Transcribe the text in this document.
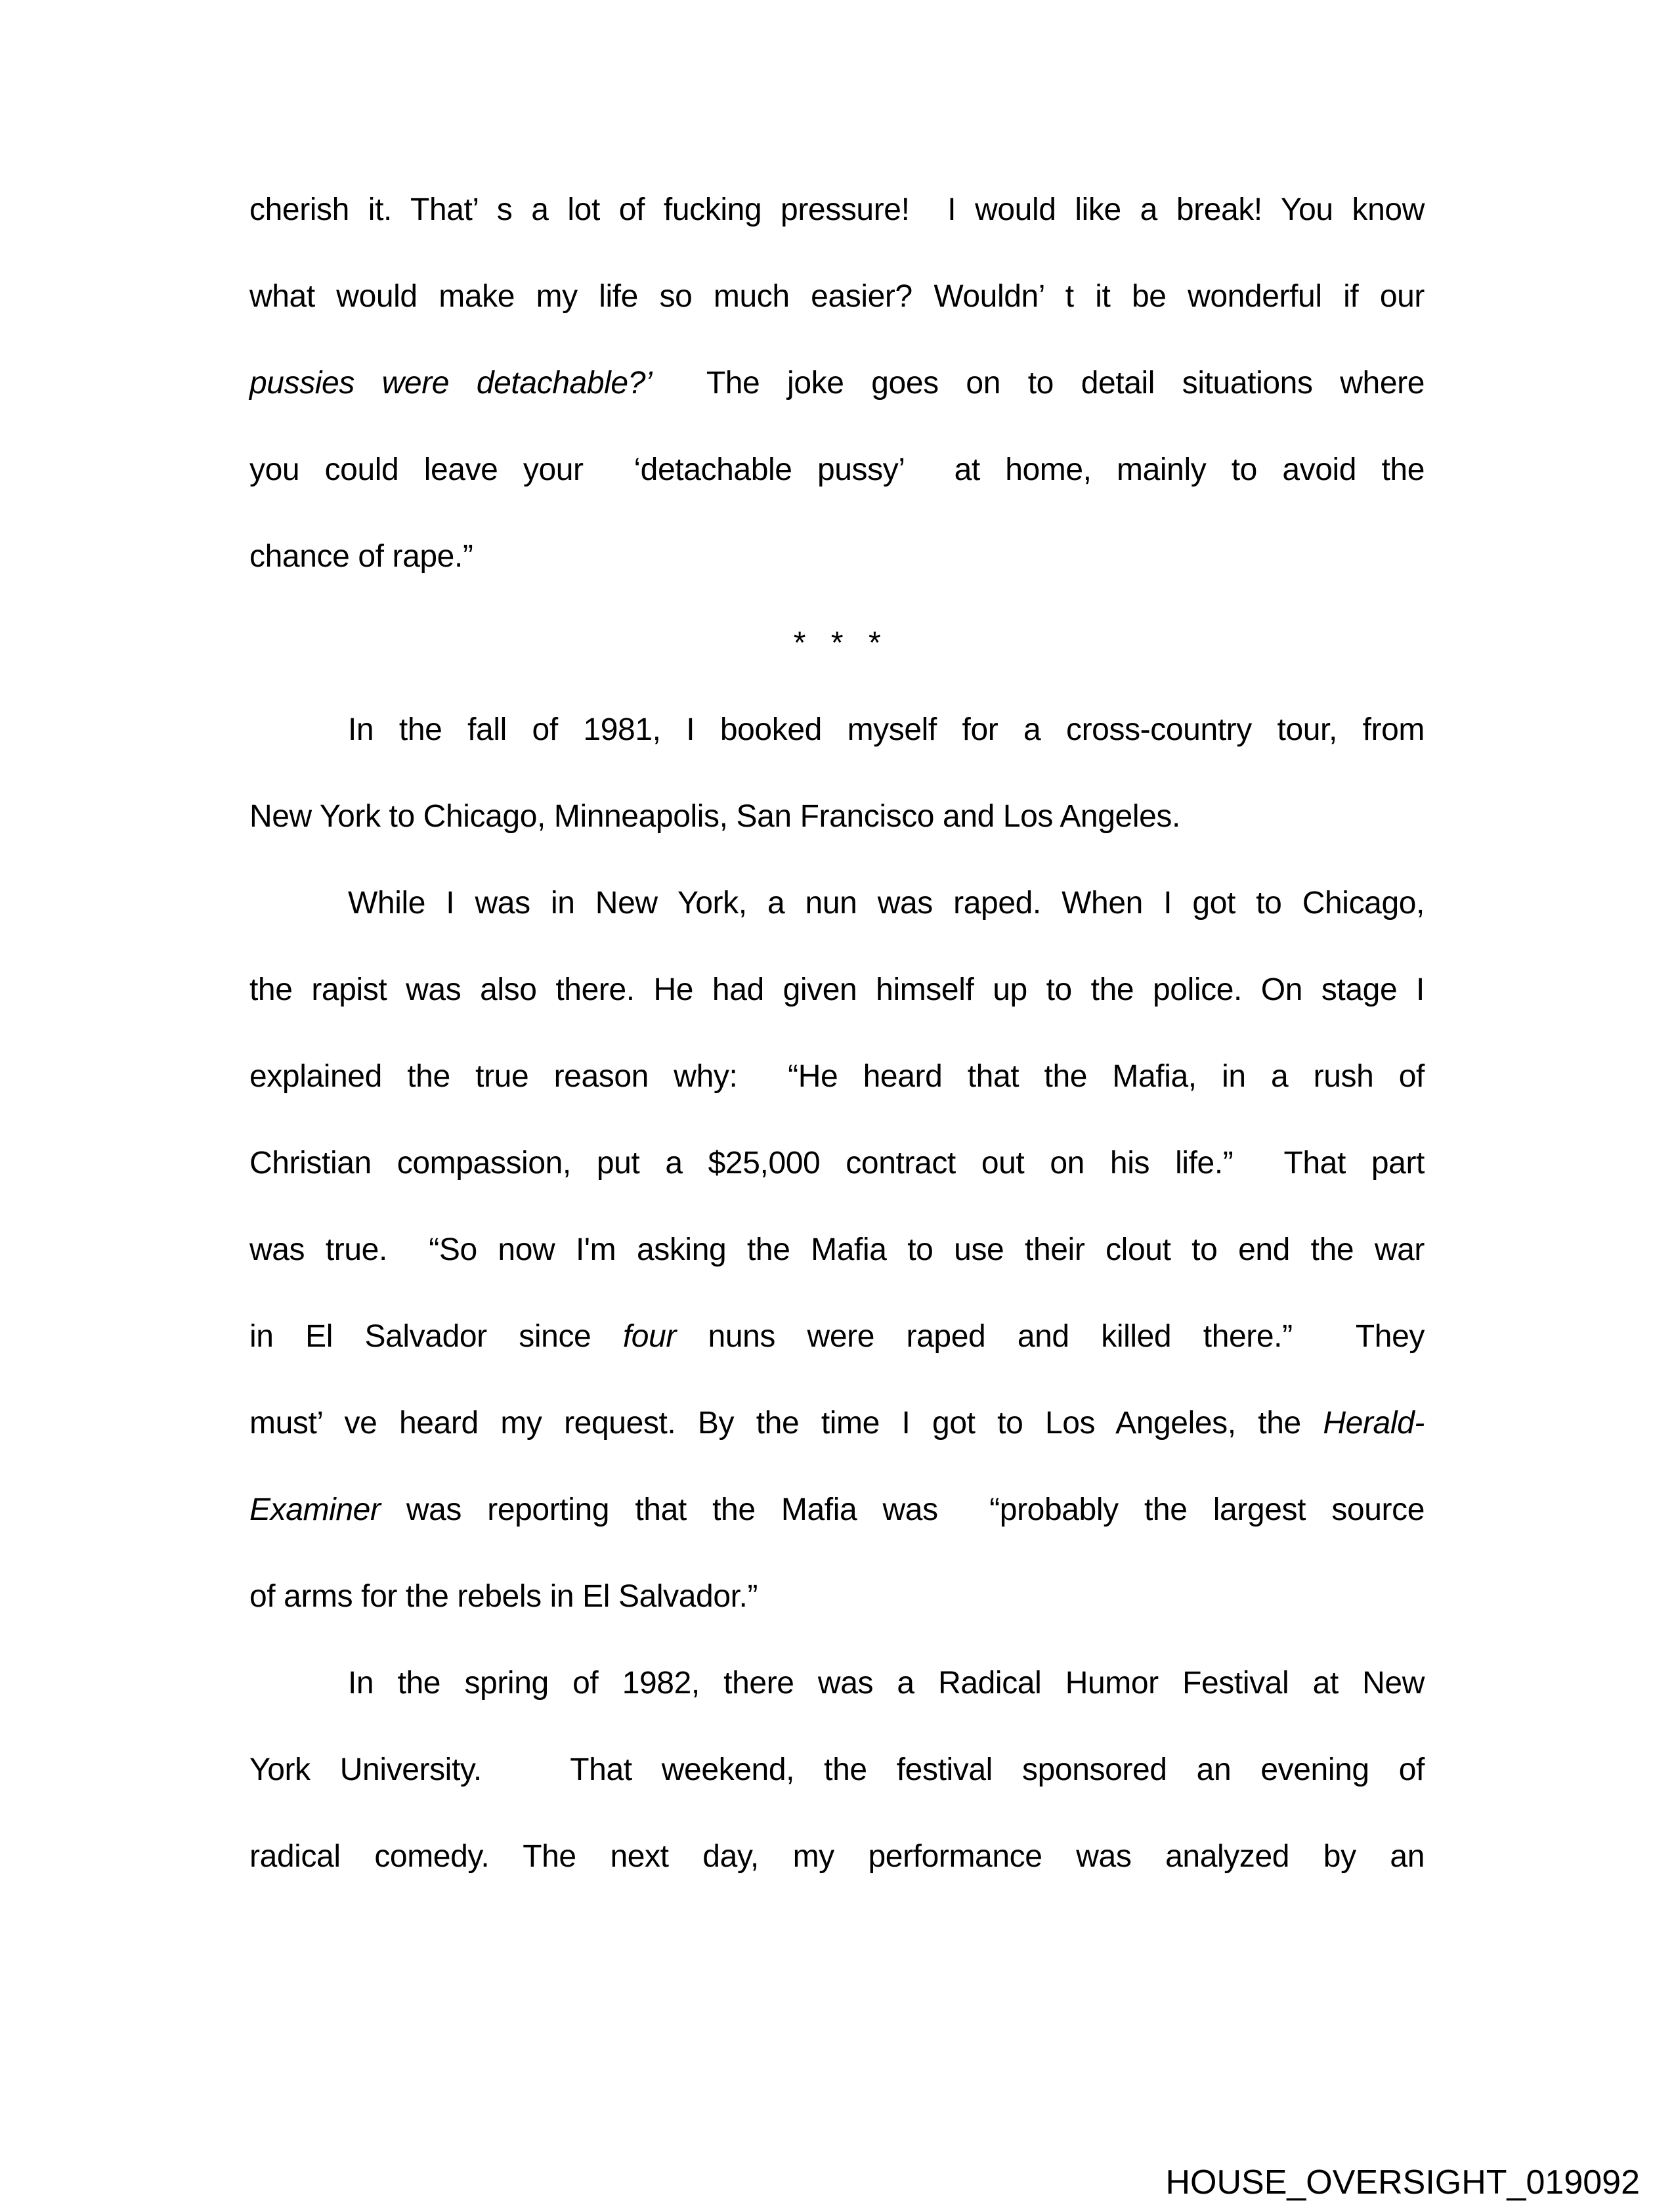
cherish it. That’ s a lot of fucking pressure!  I would like a break! You know
what would make my life so much easier? Wouldn’ t it be wonderful if our
pussies were detachable?’  The joke goes on to detail situations where
you could leave your  ‘detachable pussy’  at home, mainly to avoid the
chance of rape.”
*   *   *
In the fall of 1981, I booked myself for a cross-country tour, from
New York to Chicago, Minneapolis, San Francisco and Los Angeles.
While I was in New York, a nun was raped. When I got to Chicago,
the rapist was also there. He had given himself up to the police. On stage I
explained the true reason why:  “He heard that the Mafia, in a rush of
Christian compassion, put a $25,000 contract out on his life.”  That part
was true.  “So now I'm asking the Mafia to use their clout to end the war
in El Salvador since four nuns were raped and killed there.”  They
must’ ve heard my request. By the time I got to Los Angeles, the Herald-
Examiner was reporting that the Mafia was  “probably the largest source
of arms for the rebels in El Salvador.”
In the spring of 1982, there was a Radical Humor Festival at New
York University.   That weekend, the festival sponsored an evening of
radical comedy. The next day, my performance was analyzed by an
HOUSE_OVERSIGHT_019092
